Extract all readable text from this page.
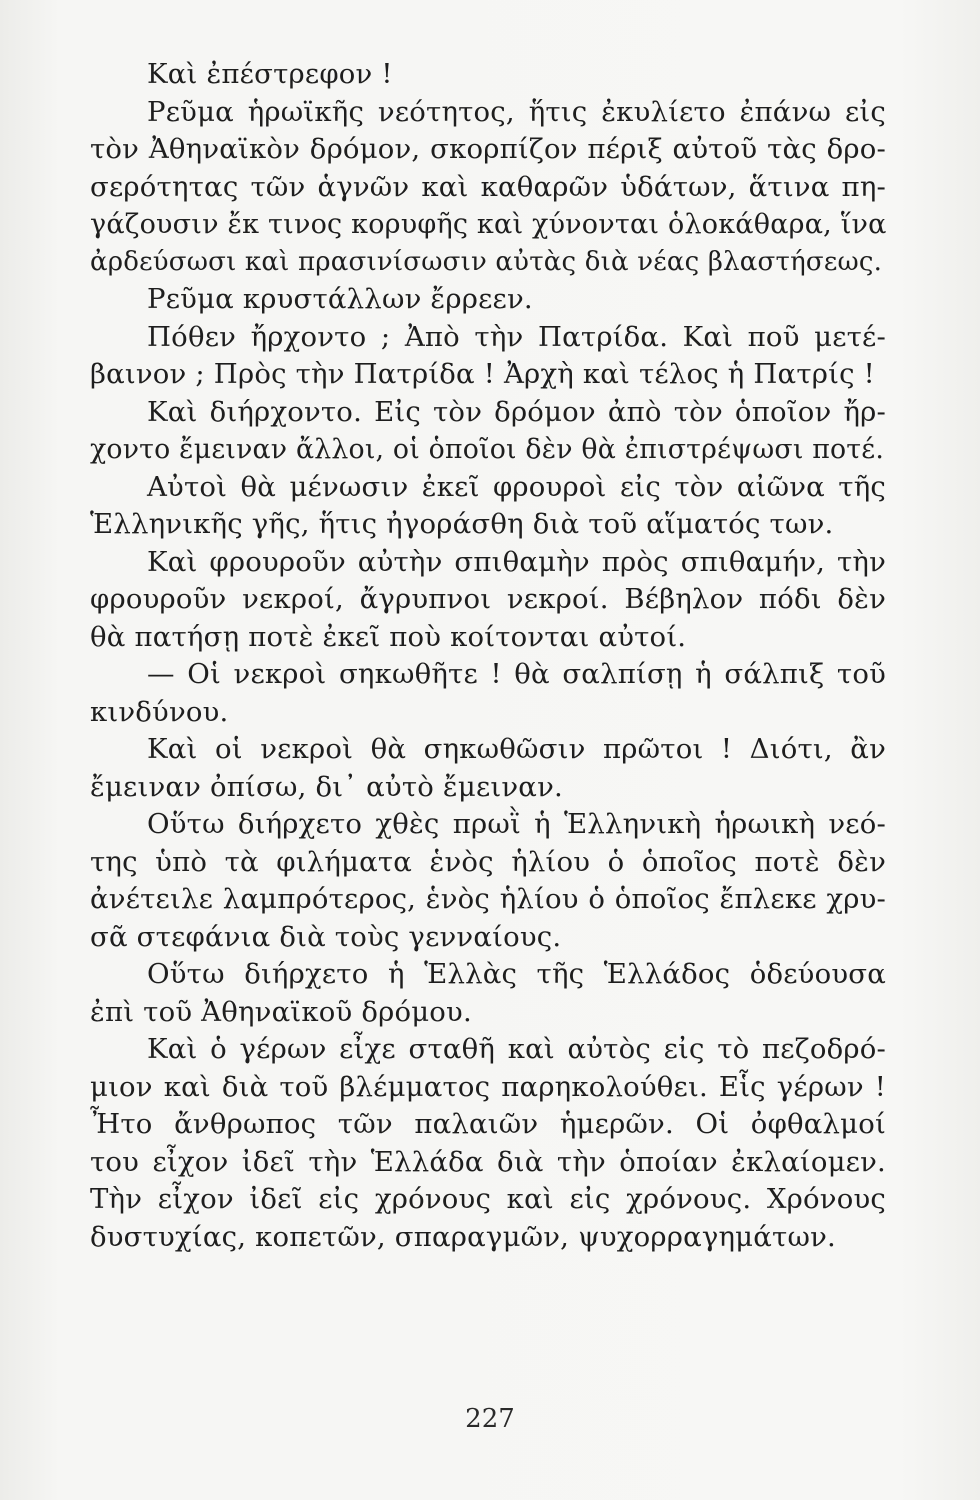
Καὶ ἐπέστρεφον !
Ρεῦμα ἡρωϊκῆς νεότητος, ἥτις ἐκυλίετο ἐπάνω εἰς
τὸν Ἀθηναϊκὸν δρόμον, σκορπίζον πέριξ αὐτοῦ τὰς δρο-
σερότητας τῶν ἁγνῶν καὶ καθαρῶν ὑδάτων, ἅτινα πη-
γάζουσιν ἔκ τινος κορυφῆς καὶ χύνονται ὁλοκάθαρα, ἵνα
ἀρδεύσωσι καὶ πρασινίσωσιν αὐτὰς διὰ νέας βλαστήσεως.
Ρεῦμα κρυστάλλων ἔρρεεν.
Πόθεν ἤρχοντο ; Ἀπὸ τὴν Πατρίδα. Καὶ ποῦ μετέ-
βαινον ; Πρὸς τὴν Πατρίδα ! Ἀρχὴ καὶ τέλος ἡ Πατρίς !
Καὶ διήρχοντο. Εἰς τὸν δρόμον ἀπὸ τὸν ὁποῖον ἤρ-
χοντο ἔμειναν ἄλλοι, οἱ ὁποῖοι δὲν θὰ ἐπιστρέψωσι ποτέ.
Αὐτοὶ θὰ μένωσιν ἐκεῖ φρουροὶ εἰς τὸν αἰῶνα τῆς
Ἑλληνικῆς γῆς, ἥτις ἠγοράσθη διὰ τοῦ αἵματός των.
Καὶ φρουροῦν αὐτὴν σπιθαμὴν πρὸς σπιθαμήν, τὴν
φρουροῦν νεκροί, ἄγρυπνοι νεκροί. Βέβηλον πόδι δὲν
θὰ πατήσῃ ποτὲ ἐκεῖ ποὺ κοίτονται αὐτοί.
— Οἱ νεκροὶ σηκωθῆτε ! θὰ σαλπίσῃ ἡ σάλπιξ τοῦ
κινδύνου.
Καὶ οἱ νεκροὶ θὰ σηκωθῶσιν πρῶτοι ! Διότι, ἂν
ἔμειναν ὀπίσω, δι᾽ αὐτὸ ἔμειναν.
Οὕτω διήρχετο χθὲς πρωῒ ἡ Ἑλληνικὴ ἡρωικὴ νεό-
της ὑπὸ τὰ φιλήματα ἑνὸς ἡλίου ὁ ὁποῖος ποτὲ δὲν
ἀνέτειλε λαμπρότερος, ἑνὸς ἡλίου ὁ ὁποῖος ἔπλεκε χρυ-
σᾶ στεφάνια διὰ τοὺς γενναίους.
Οὕτω διήρχετο ἡ Ἑλλὰς τῆς Ἑλλάδος ὁδεύουσα
ἐπὶ τοῦ Ἀθηναϊκοῦ δρόμου.
Καὶ ὁ γέρων εἶχε σταθῆ καὶ αὐτὸς εἰς τὸ πεζοδρό-
μιον καὶ διὰ τοῦ βλέμματος παρηκολούθει. Εἷς γέρων !
Ἦτο ἄνθρωπος τῶν παλαιῶν ἡμερῶν. Οἱ ὀφθαλμοί
του εἶχον ἰδεῖ τὴν Ἑλλάδα διὰ τὴν ὁποίαν ἐκλαίομεν.
Τὴν εἶχον ἰδεῖ εἰς χρόνους καὶ εἰς χρόνους. Χρόνους
δυστυχίας, κοπετῶν, σπαραγμῶν, ψυχορραγημάτων.
227
